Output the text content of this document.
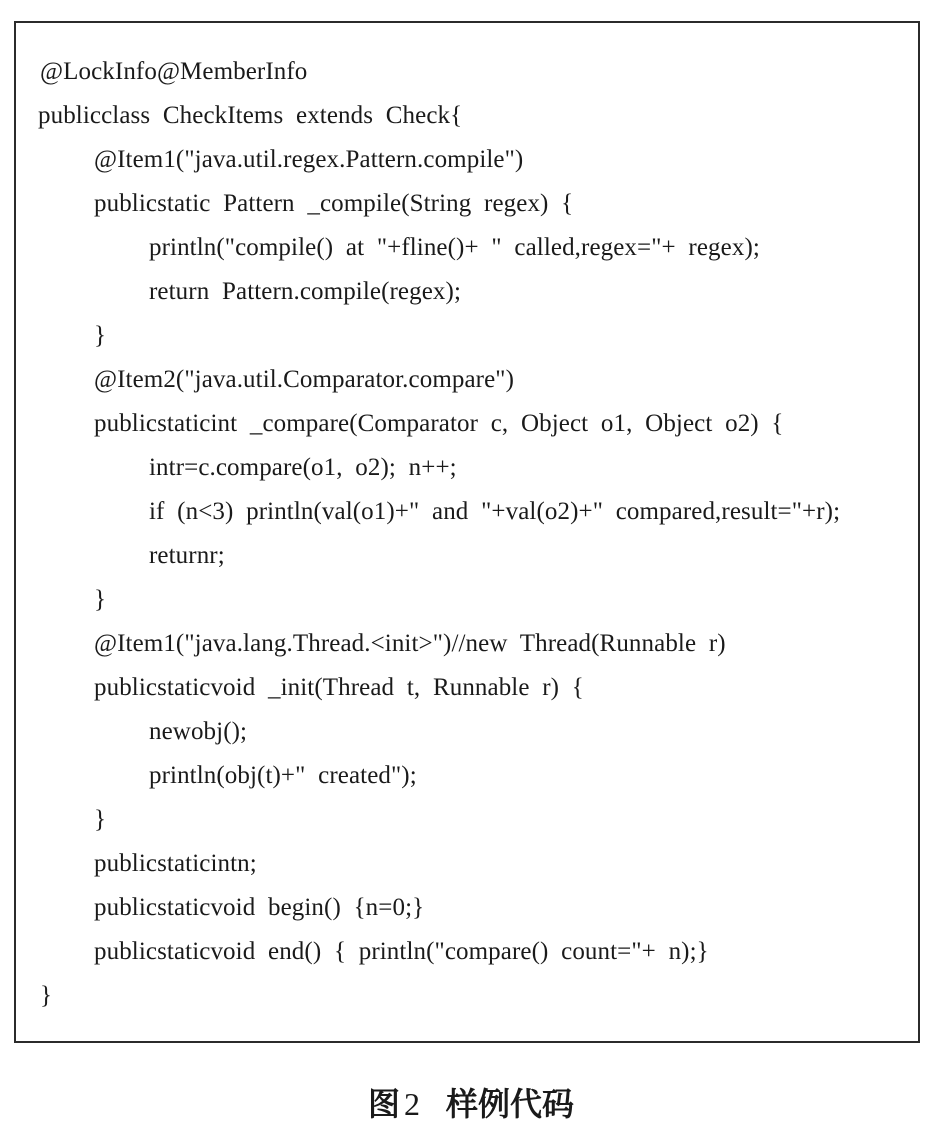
@LockInfo@MemberInfo
publicclass  CheckItems  extends  Check{
@Item1("java.util.regex.Pattern.compile")
publicstatic  Pattern  _compile(String  regex)  {
println("compile()  at  "+fline()+  "  called,regex="+  regex);
return  Pattern.compile(regex);
}
@Item2("java.util.Comparator.compare")
publicstaticint  _compare(Comparator  c,  Object  o1,  Object  o2)  {
intr=c.compare(o1,  o2);  n++;
if  (n<3)  println(val(o1)+"  and  "+val(o2)+"  compared,result="+r);
returnr;
}
@Item1("java.lang.Thread.<init>")//new  Thread(Runnable  r)
publicstaticvoid  _init(Thread  t,  Runnable  r)  {
newobj();
println(obj(t)+"  created");
}
publicstaticintn;
publicstaticvoid  begin()  {n=0;}
publicstaticvoid  end()  {  println("compare()  count="+  n);}
}
图 2 样例代码
